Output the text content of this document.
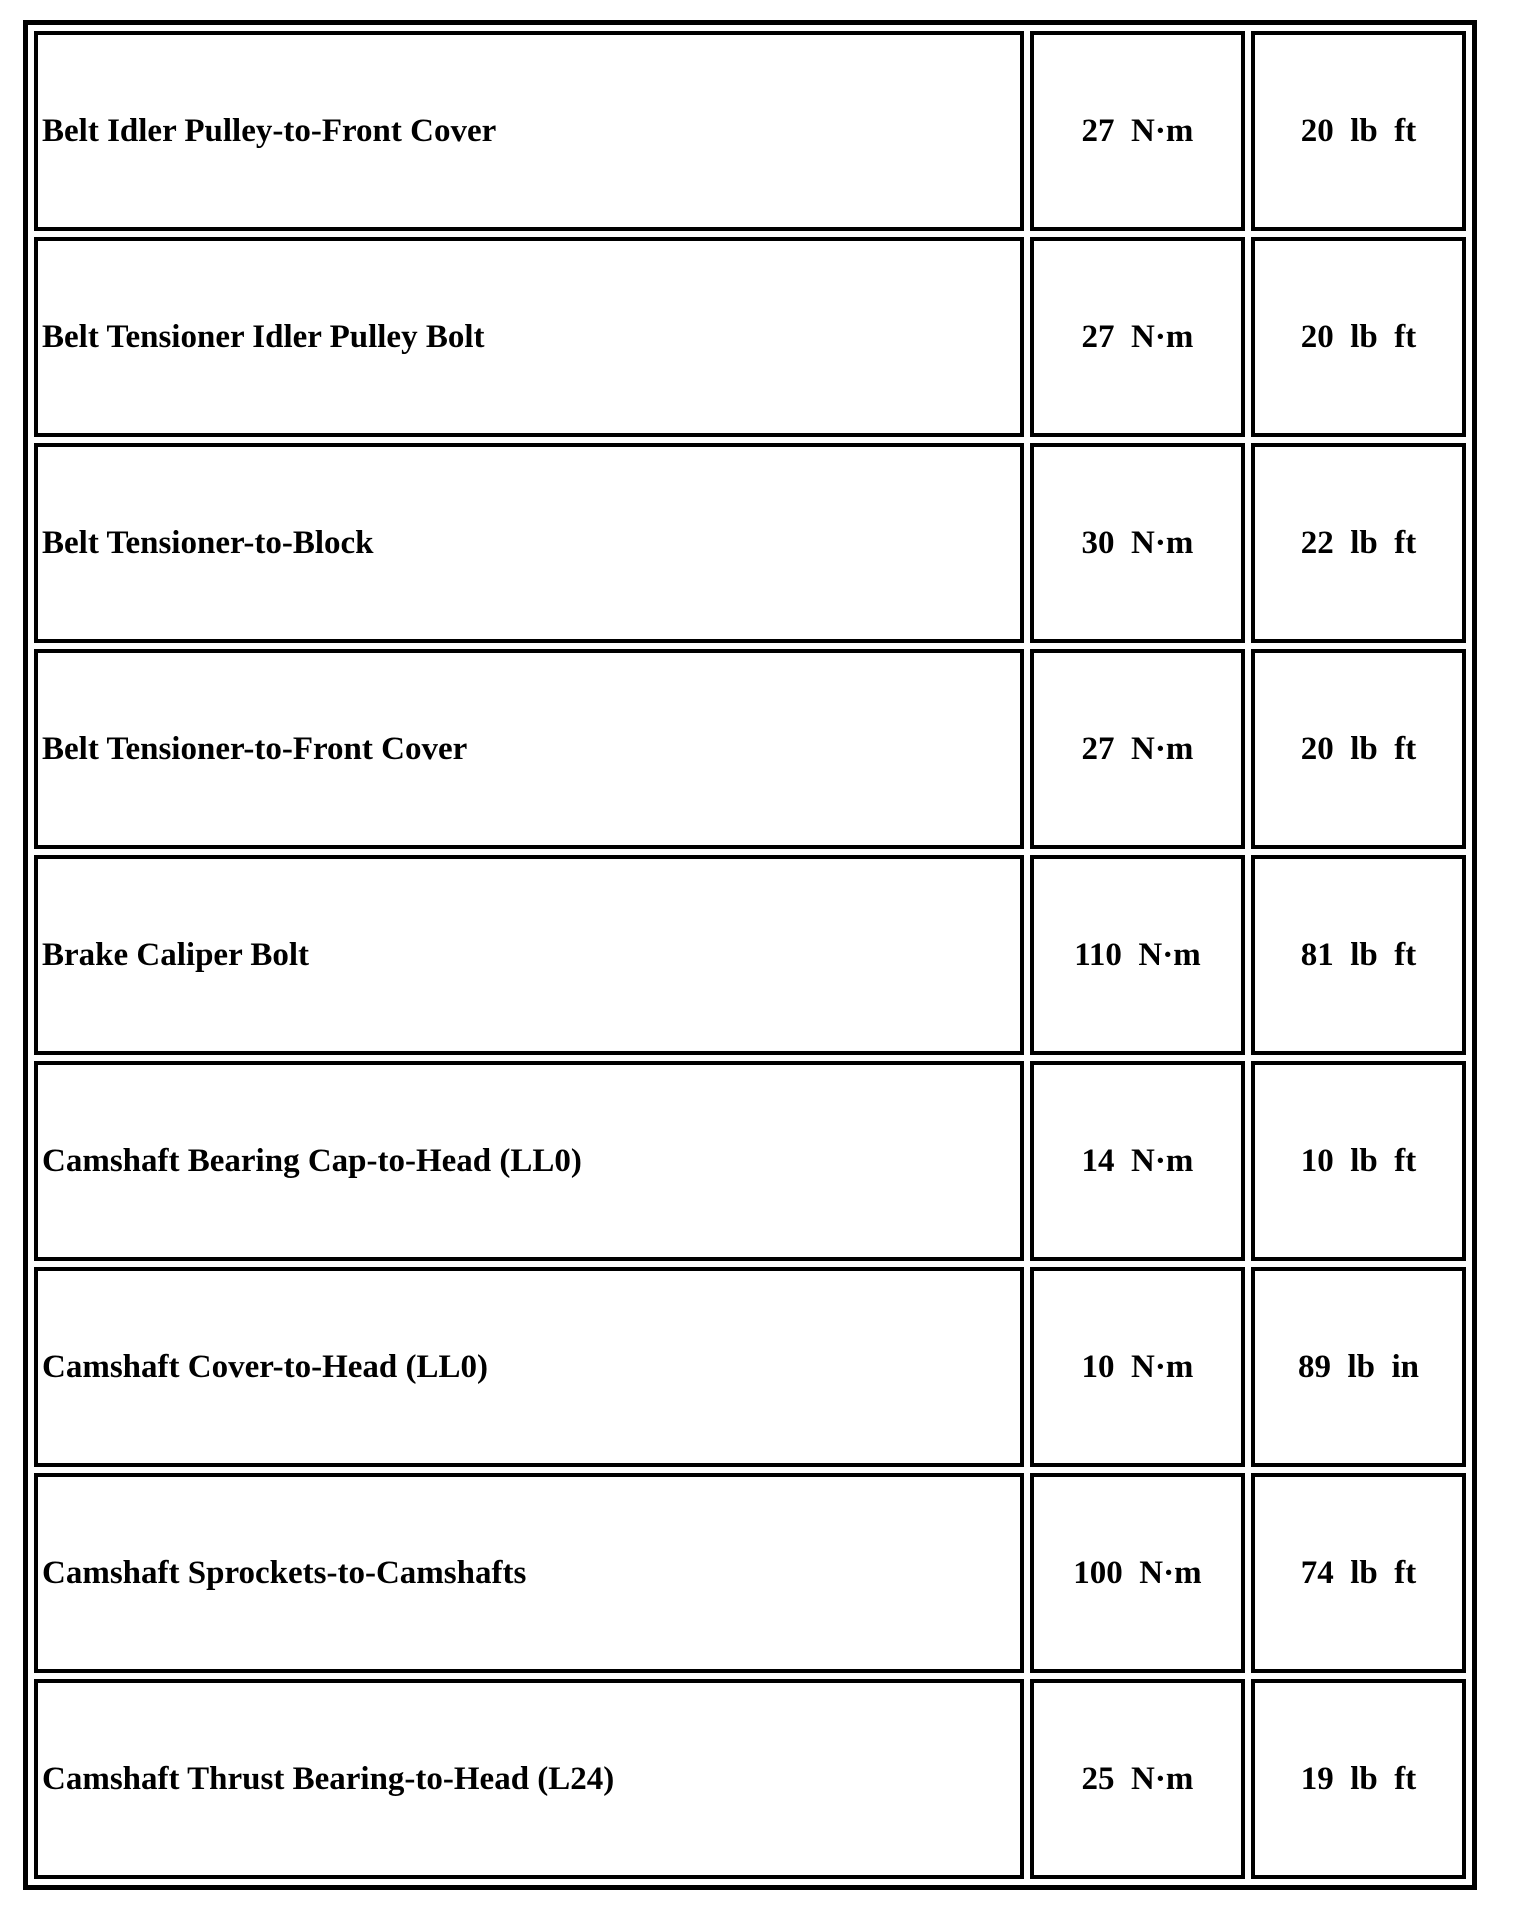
Belt Idler Pulley-to-Front Cover	27  N·m	20  lb  ft
Belt Tensioner Idler Pulley Bolt	27  N·m	20  lb  ft
Belt Tensioner-to-Block	30  N·m	22  lb  ft
Belt Tensioner-to-Front Cover	27  N·m	20  lb  ft
Brake Caliper Bolt	110  N·m	81  lb  ft
Camshaft Bearing Cap-to-Head (LL0)	14  N·m	10  lb  ft
Camshaft Cover-to-Head (LL0)	10  N·m	89  lb  in
Camshaft Sprockets-to-Camshafts	100  N·m	74  lb  ft
Camshaft Thrust Bearing-to-Head (L24)	25  N·m	19  lb  ft
